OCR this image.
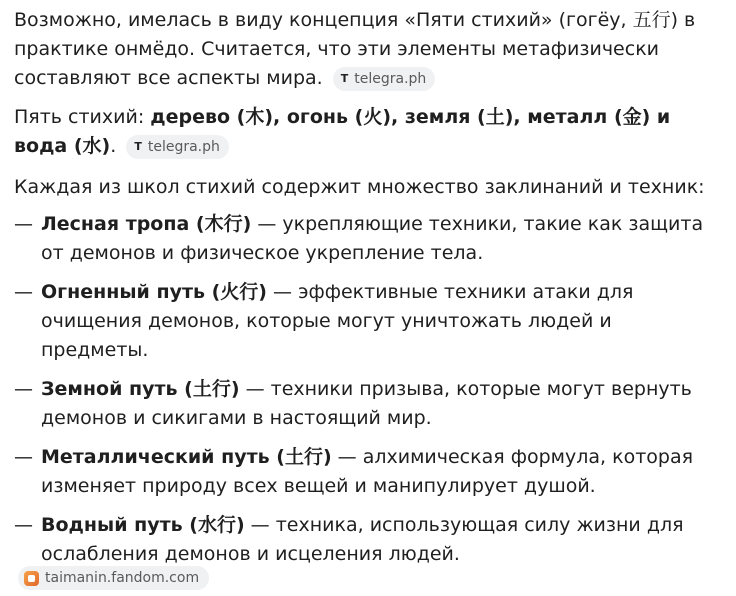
Возможно, имелась в виду концепция «Пяти стихий» (гогёу, 五行) в практике онмёдо. Считается, что эти элементы метафизически составляют все аспекты мира. T telegra.ph

Пять стихий: дерево (木), огонь (火), земля (土), металл (金) и вода (水). T telegra.ph

Каждая из школ стихий содержит множество заклинаний и техник:

— Лесная тропа (木行) — укрепляющие техники, такие как защита от демонов и физическое укрепление тела.
— Огненный путь (火行) — эффективные техники атаки для очищения демонов, которые могут уничтожать людей и предметы.
— Земной путь (土行) — техники призыва, которые могут вернуть демонов и сикигами в настоящий мир.
— Металлический путь (土行) — алхимическая формула, которая изменяет природу всех вещей и манипулирует душой.
— Водный путь (水行) — техника, использующая силу жизни для ослабления демонов и исцеления людей.
taimanin.fandom.com
